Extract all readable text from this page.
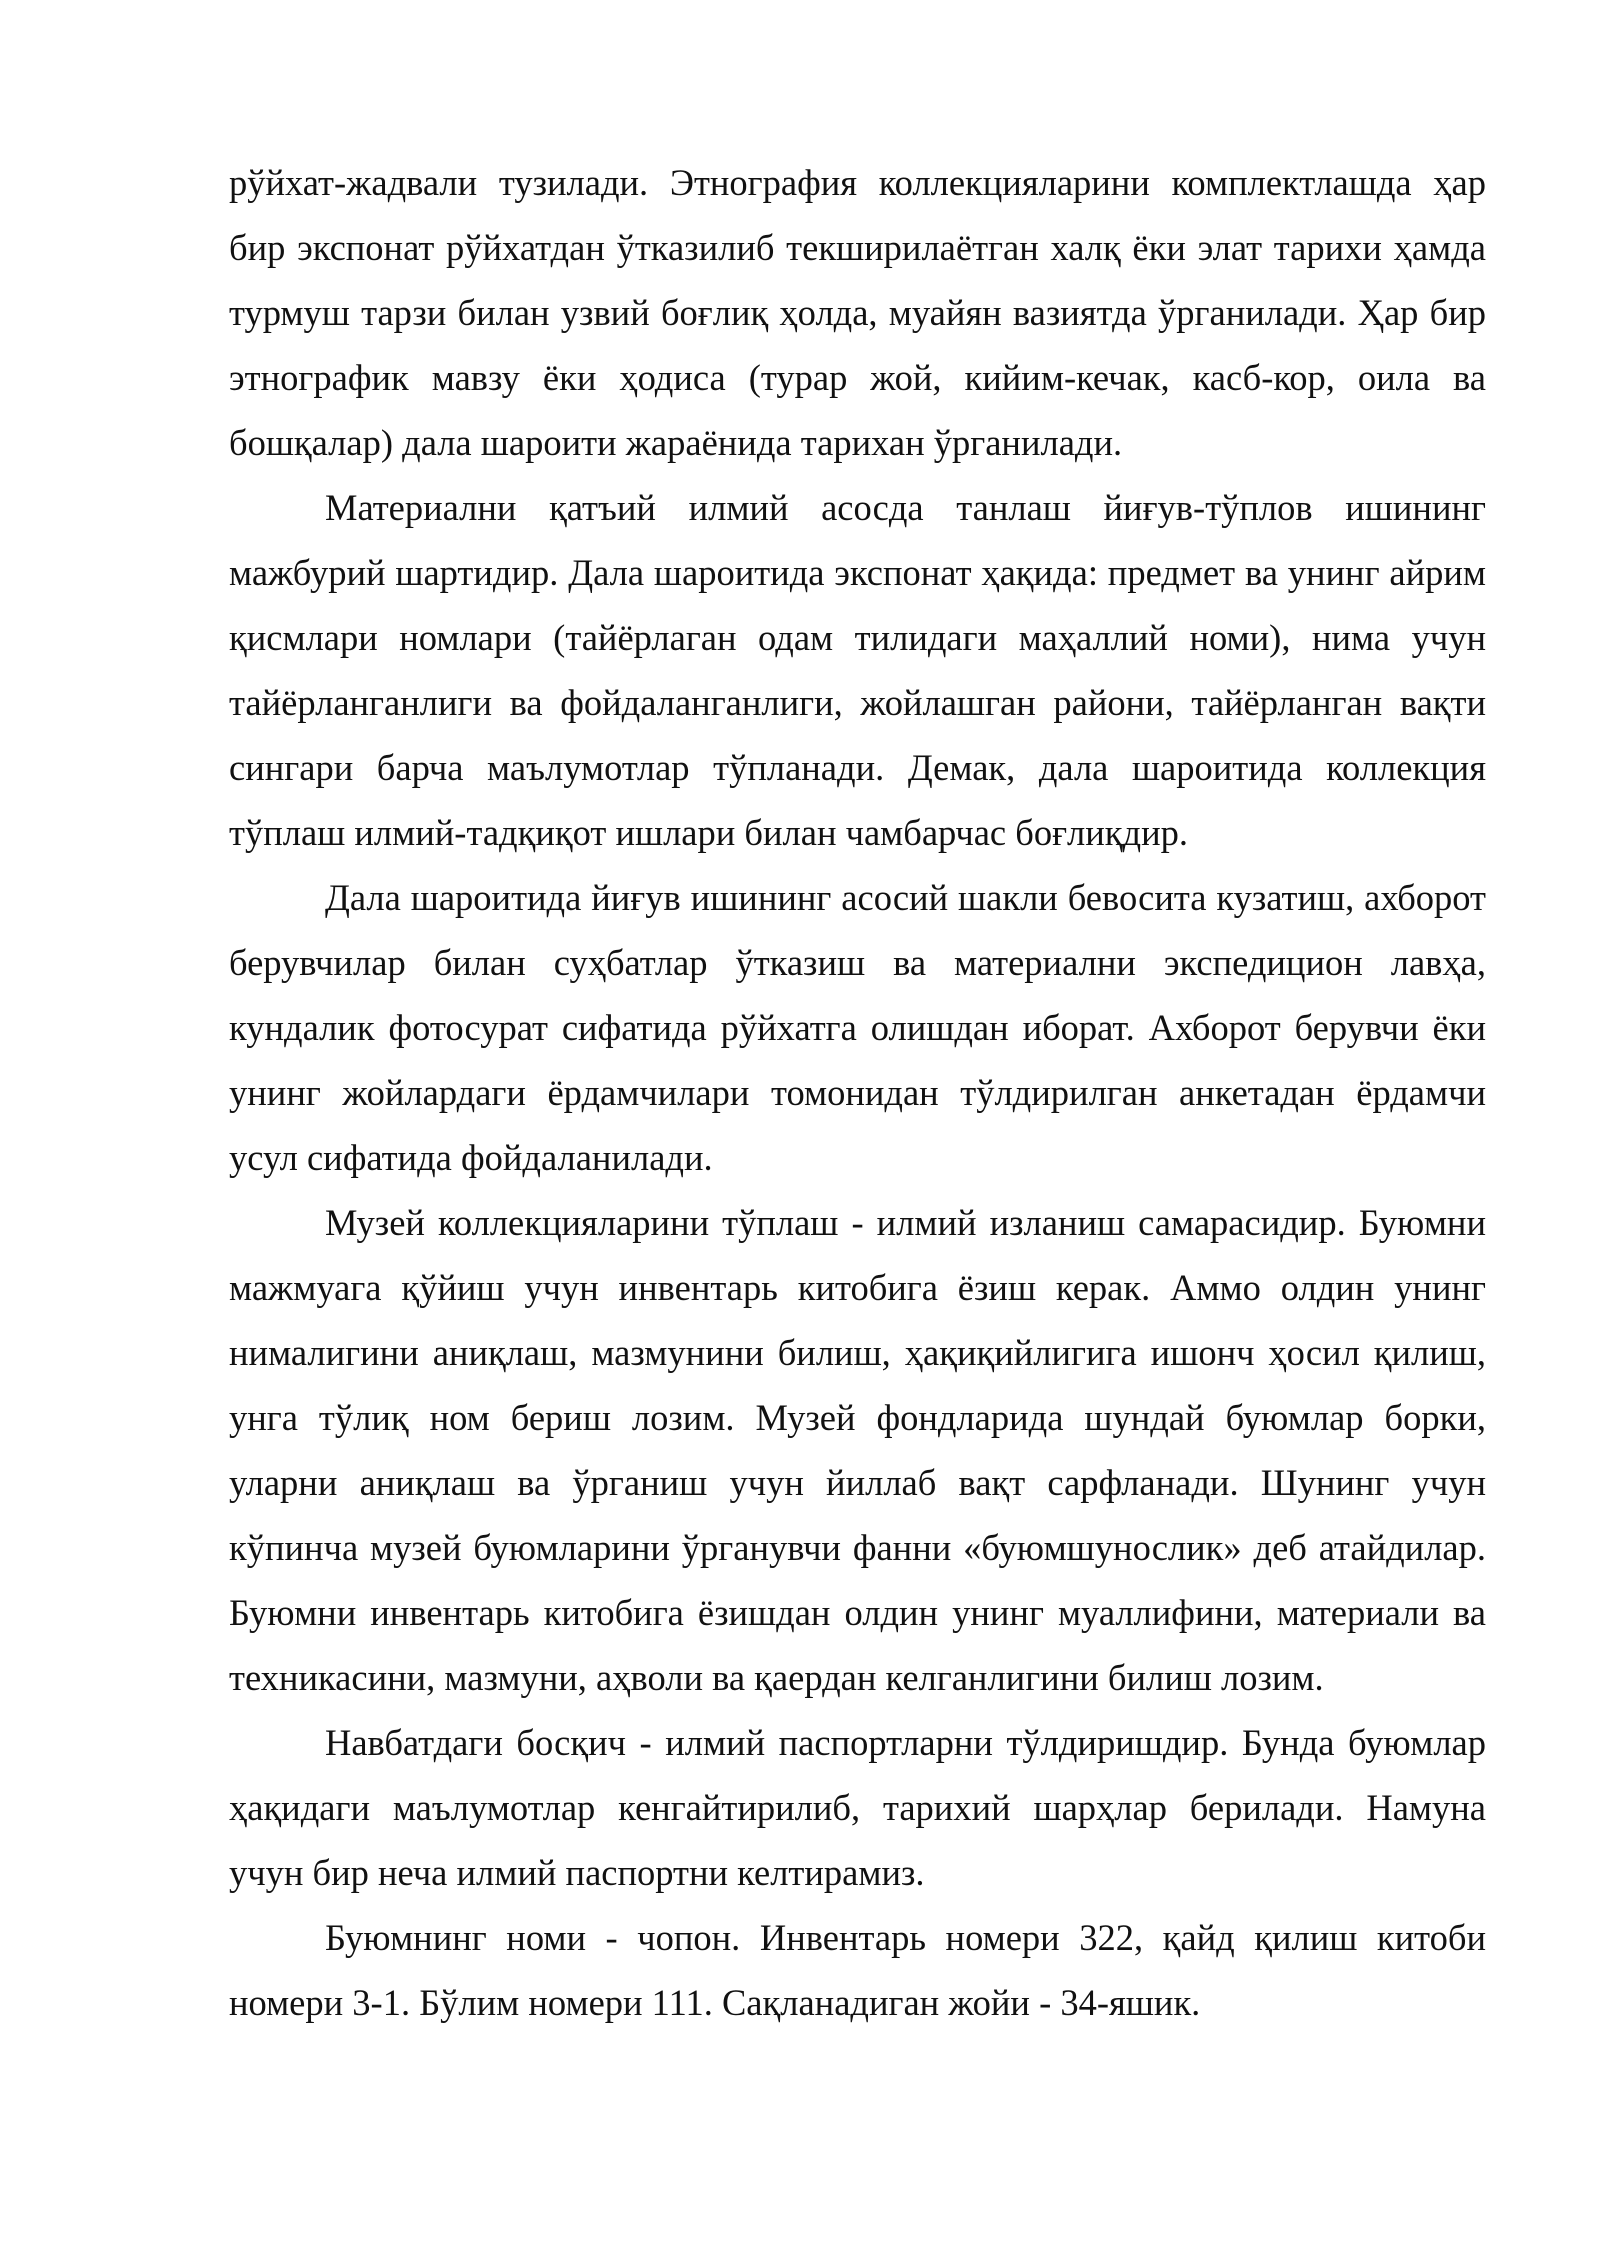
рўйхат-жадвали тузилади. Этнография коллекцияларини комплектлашда ҳар бир экспонат рўйхатдан ўтказилиб текширилаётган халқ ёки элат тарихи ҳамда турмуш тарзи билан узвий боғлиқ ҳолда, муайян вазиятда ўрганилади. Ҳар бир этнографик мавзу ёки ҳодиса (турар жой, кийим-кечак, касб-кор, оила ва бошқалар) дала шароити жараёнида тарихан ўрганилади.

Материални қатъий илмий асосда танлаш йиғув-тўплов ишининг мажбурий шартидир. Дала шароитида экспонат ҳақида: предмет ва унинг айрим қисмлари номлари (тайёрлаган одам тилидаги маҳаллий номи), нима учун тайёрланганлиги ва фойдаланганлиги, жойлашган райони, тайёрланган вақти сингари барча маълумотлар тўпланади. Демак, дала шароитида коллекция тўплаш илмий-тадқиқот ишлари билан чамбарчас боғлиқдир.

Дала шароитида йиғув ишининг асосий шакли бевосита кузатиш, ахборот берувчилар билан суҳбатлар ўтказиш ва материални экспедицион лавҳа, кундалик фотосурат сифатида рўйхатга олишдан иборат. Ахборот берувчи ёки унинг жойлардаги ёрдамчилари томонидан тўлдирилган анкетадан ёрдамчи усул сифатида фойдаланилади.

Музей коллекцияларини тўплаш - илмий изланиш самарасидир. Буюмни мажмуага қўйиш учун инвентарь китобига ёзиш керак. Аммо олдин унинг нималигини аниқлаш, мазмунини билиш, ҳақиқийлигига ишонч ҳосил қилиш, унга тўлиқ ном бериш лозим. Музей фондларида шундай буюмлар борки, уларни аниқлаш ва ўрганиш учун йиллаб вақт сарфланади. Шунинг учун кўпинча музей буюмларини ўрганувчи фанни «буюмшунослик» деб атайдилар. Буюмни инвентарь китобига ёзишдан олдин унинг муаллифини, материали ва техникасини, мазмуни, аҳволи ва қаердан келганлигини билиш лозим.

Навбатдаги босқич - илмий паспортларни тўлдиришдир. Бунда буюмлар ҳақидаги маълумотлар кенгайтирилиб, тарихий шарҳлар берилади. Намуна учун бир неча илмий паспортни келтирамиз.

Буюмнинг номи - чопон. Инвентарь номери 322, қайд қилиш китоби номери 3-1. Бўлим номери 111. Сақланадиган жойи - 34-яшик.
